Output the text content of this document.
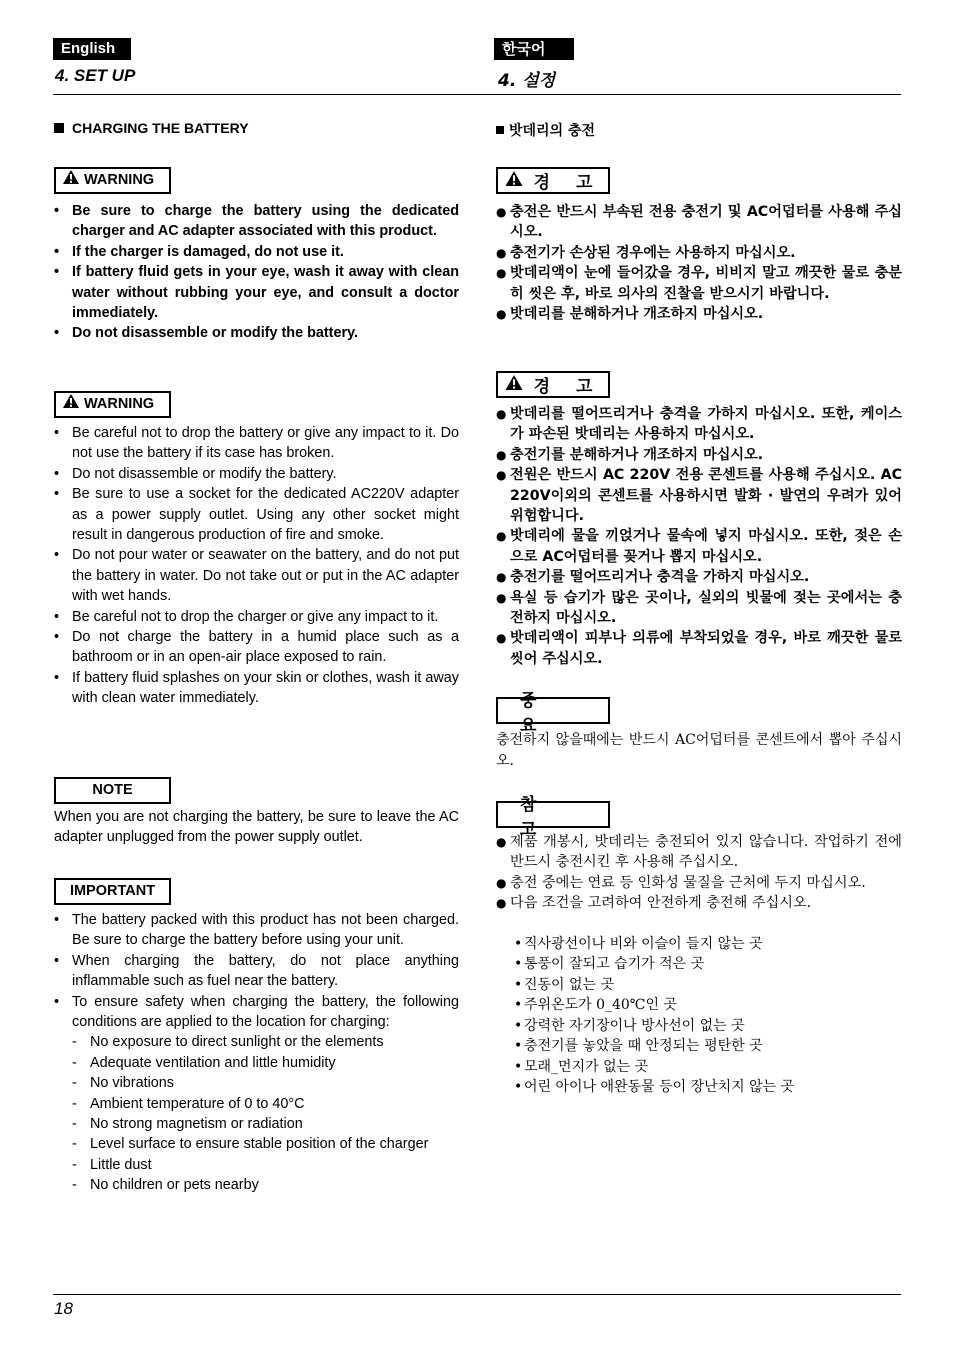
English	한국어
4. SET UP	4. 설정
CHARGING THE BATTERY
WARNING
• Be sure to charge the battery using the dedicated charger and AC adapter associated with this product.
• If the charger is damaged, do not use it.
• If battery fluid gets in your eye, wash it away with clean water without rubbing your eye, and consult a doctor immediately.
• Do not disassemble or modify the battery.
WARNING
• Be careful not to drop the battery or give any impact to it. Do not use the battery if its case has broken.
• Do not disassemble or modify the battery.
• Be sure to use a socket for the dedicated AC220V adapter as a power supply outlet. Using any other socket might result in dangerous production of fire and smoke.
• Do not pour water or seawater on the battery, and do not put the battery in water. Do not take out or put in the AC adapter with wet hands.
• Be careful not to drop the charger or give any impact to it.
• Do not charge the battery in a humid place such as a bathroom or in an open-air place exposed to rain.
• If battery fluid splashes on your skin or clothes, wash it away with clean water immediately.
NOTE
When you are not charging the battery, be sure to leave the AC adapter unplugged from the power supply outlet.
IMPORTANT
• The battery packed with this product has not been charged. Be sure to charge the battery before using your unit.
• When charging the battery, do not place anything inflammable such as fuel near the battery.
• To ensure safety when charging the battery, the following conditions are applied to the location for charging:
- No exposure to direct sunlight or the elements
- Adequate ventilation and little humidity
- No vibrations
- Ambient temperature of 0 to 40°C
- No strong magnetism or radiation
- Level surface to ensure stable position of the charger
- Little dust
- No children or pets nearby
밧데리의 충전
경 고
● 충전은 반드시 부속된 전용 충전기 및 AC어덥터를 사용해 주십시오.
● 충전기가 손상된 경우에는 사용하지 마십시오.
● 밧데리액이 눈에 들어갔을 경우, 비비지 말고 깨끗한 물로 충분히 씻은 후, 바로 의사의 진찰을 받으시기 바랍니다.
● 밧데리를 분해하거나 개조하지 마십시오.
경 고
● 밧데리를 떨어뜨리거나 충격을 가하지 마십시오. 또한, 케이스가 파손된 밧데리는 사용하지 마십시오.
● 충전기를 분해하거나 개조하지 마십시오.
● 전원은 반드시 AC 220V 전용 콘센트를 사용해 주십시오. AC 220V이외의 콘센트를 사용하시면 발화 · 발연의 우려가 있어 위험합니다.
● 밧데리에 물을 끼얹거나 물속에 넣지 마십시오. 또한, 젖은 손으로 AC어덥터를 꽂거나 뽑지 마십시오.
● 충전기를 떨어뜨리거나 충격을 가하지 마십시오.
● 욕실 등 습기가 많은 곳이나, 실외의 빗물에 젖는 곳에서는 충전하지 마십시오.
● 밧데리액이 피부나 의류에 부착되었을 경우, 바로 깨끗한 물로 씻어 주십시오.
중 요
충전하지 않을때에는 반드시 AC어덥터를 콘센트에서 뽑아 주십시오.
참 고
● 제품 개봉시, 밧데리는 충전되어 있지 않습니다. 작업하기 전에 반드시 충전시킨 후 사용해 주십시오.
● 충전 중에는 연료 등 인화성 물질을 근처에 두지 마십시오.
● 다음 조건을 고려하여 안전하게 충전해 주십시오.
• 직사광선이나 비와 이슬이 들지 않는 곳
• 통풍이 잘되고 습기가 적은 곳
• 진동이 없는 곳
• 주위온도가 0_40℃인 곳
• 강력한 자기장이나 방사선이 없는 곳
• 충전기를 놓았을 때 안정되는 평탄한 곳
• 모래_먼지가 없는 곳
• 어린 아이나 애완동물 등이 장난치지 않는 곳
18
